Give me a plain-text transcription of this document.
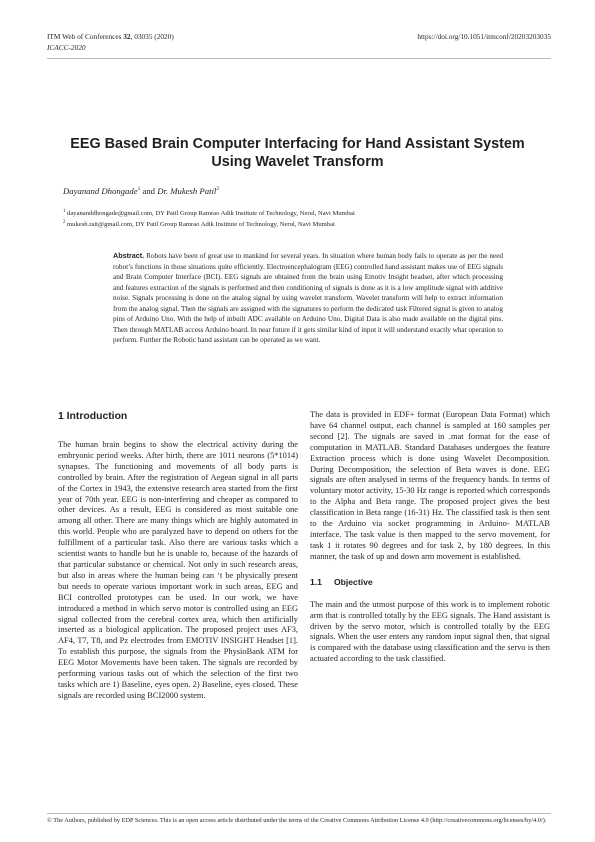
ITM Web of Conferences 32, 03035 (2020)
ICACC-2020
https://doi.org/10.1051/itmconf/20203203035
EEG Based Brain Computer Interfacing for Hand Assistant System Using Wavelet Transform
Dayanand Dhongade$^1$ and Dr. Mukesh Patil$^2$
$^1$ dayananddhongade@gmail.com, DY Patil Group Ramrao Adik Institute of Technology, Nerul, Navi Mumbai
$^2$ mukesh.rait@gmail.com, DY Patil Group Ramrao Adik Institute of Technology, Nerul, Navi Mumbai
Abstract. Robots have been of great use to mankind for several years. In situation where human body fails to operate as per the need robot’s functions in those situations quite efficiently. Electroencephalogram (EEG) controlled hand assistant makes use of EEG signals and Brain Computer Interface (BCI). EEG signals are obtained from the brain using Emotiv Insight headset, after which processing and features extraction of the signals is performed and then conditioning of signals is done as it is a low amplitude signal with additive noise. Signals processing is done on the analog signal by using wavelet transform. Wavelet transform will help to extract information from the analog signal. Then the signals are assigned with the signatures to perform the dedicated task Filtered signal is given to analog pins of Arduino Uno. With the help of inbuilt ADC available on Arduino Uno, Digital Data is also made available on the digital pins. Then through MATLAB access Arduino board. In near future if it gets similar kind of input it will understand exactly what operation to perform. Further the Robotic hand assistant can be operated as we want.
1 Introduction

The human brain begins to show the electrical activity during the embryonic period weeks. After birth, there are 1011 neurons (5*1014) synapses. The functioning and movements of all body parts is controlled by brain. After the registration of Aegean signal in all parts of the Cortex in 1943, the extensive research area started from the first year of 70th year. EEG is non-interfering and cheaper as compared to other devices. As a result, EEG is considered as most suitable one among all other. There are many things which are highly automated in this world. People who are paralyzed have to depend on others for the fulfillment of a particular task. Also there are various tasks which a scientist wants to handle but he is unable to, because of the hazards of that particular substance or chemical. Not only in such research areas, but also in areas where the human being can ‘t be physically present but needs to operate various important work in such areas, EEG and BCI controlled prototypes can be used. In our work, we have introduced a method in which servo motor is controlled using an EEG signal collected from the cerebral cortex area, which then artificially inserted as a biological application. The proposed project uses AF3, AF4, T7, T8, and Pz electrodes from EMOTIV INSIGHT Headset [1]. To establish this purpose, the signals from the PhysioBank ATM for EEG Motor Movements have been taken. The signals are recorded by performing various tasks out of which the selection of the first two tasks which are 1) Baseline, eyes open. 2) Baseline, eyes closed. These signals are recorded using BCI2000 system.

The data is provided in EDF+ format (European Data Format) which have 64 channel output, each channel is sampled at 160 samples per second [2]. The signals are saved in .mat format for the ease of computation in MATLAB. Standard Databases undergoes the feature Extraction process which is done using Wavelet Decomposition. During Decomposition, the selection of Beta waves is done. EEG signals are often analysed in terms of the frequency bands. In terms of voluntary motor activity, 15-30 Hz range is reported which corresponds to the Alpha and Beta range. The proposed project gives the best classification in Beta range (16-31) Hz. The classified task is then sent to the Arduino via socket programming in Arduino- MATLAB interface. The task value is then mapped to the servo movement, for task 1 it rotates 90 degrees and for task 2, by 180 degrees. In this manner, the task of up and down arm movement is established.

1.1 Objective

The main and the utmost purpose of this work is to implement robotic arm that is controlled totally by the EEG signals. The Hand assistant is driven by the servo motor, which is controlled totally by the EEG signals. When the user enters any random input signal then, that signal is compared with the database using classification and the servo is then actuated according to the task classified.

© The Authors, published by EDP Sciences. This is an open access article distributed under the terms of the Creative Commons Attribution License 4.0 (http://creativecommons.org/licenses/by/4.0/).
